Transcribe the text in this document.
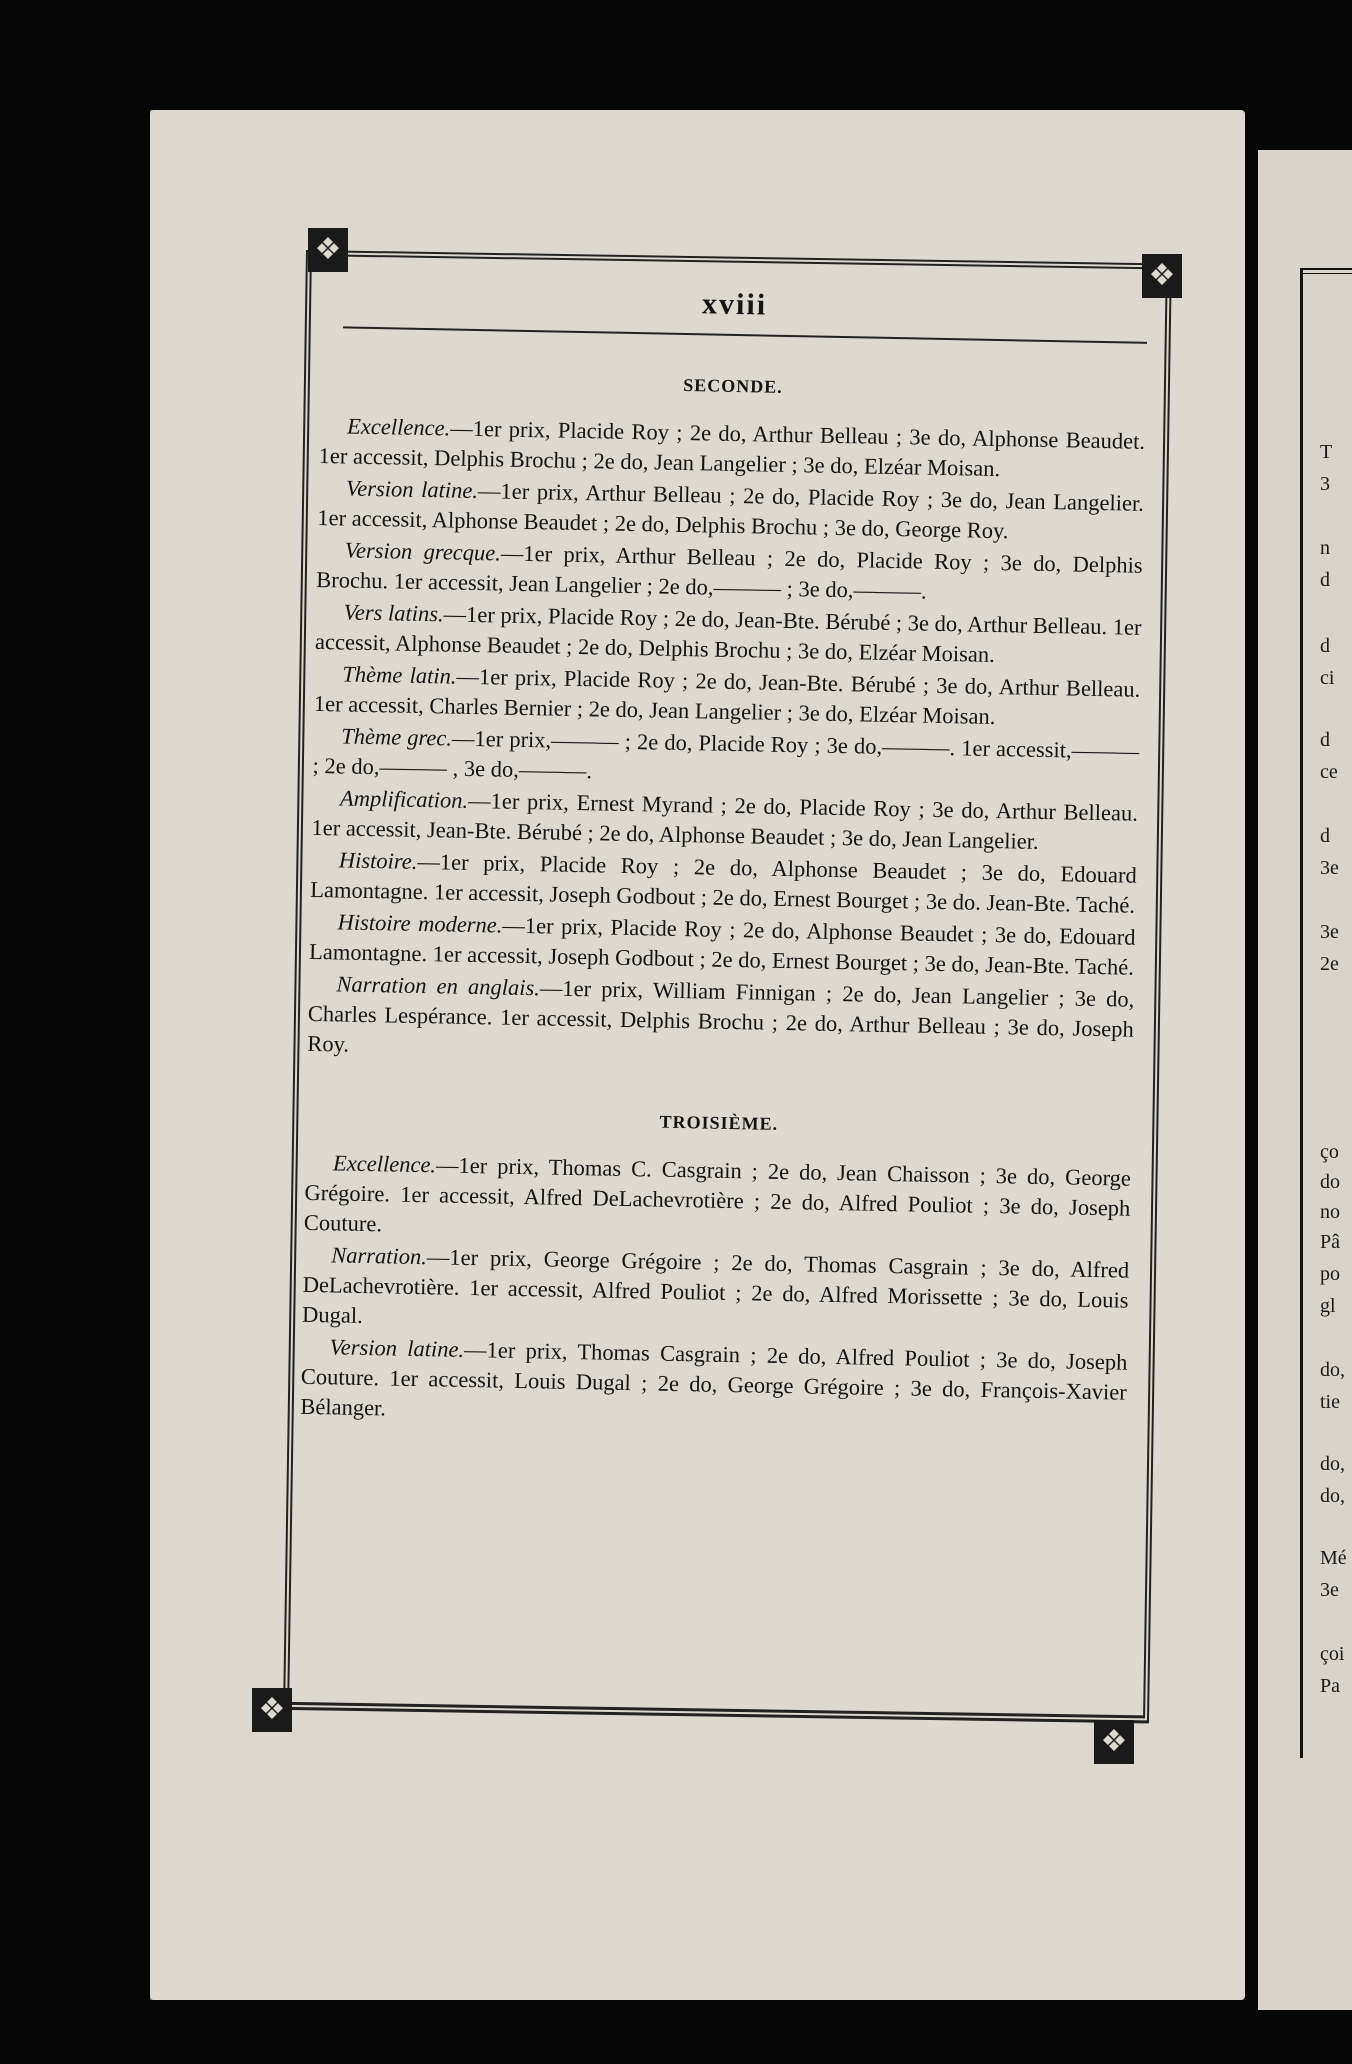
❖
❖
❖
❖
xviii
SECONDE.

Excellence.—1er prix, Placide Roy ; 2e do, Arthur Belleau ; 3e do, Alphonse Beaudet. 1er accessit, Delphis Brochu ; 2e do, Jean Langelier ; 3e do, Elzéar Moisan.

Version latine.—1er prix, Arthur Belleau ; 2e do, Placide Roy ; 3e do, Jean Langelier. 1er accessit, Alphonse Beaudet ; 2e do, Delphis Brochu ; 3e do, George Roy.

Version grecque.—1er prix, Arthur Belleau ; 2e do, Placide Roy ; 3e do, Delphis Brochu. 1er accessit, Jean Langelier ; 2e do,——— ; 3e do,———.

Vers latins.—1er prix, Placide Roy ; 2e do, Jean-Bte. Bérubé ; 3e do, Arthur Belleau. 1er accessit, Alphonse Beaudet ; 2e do, Delphis Brochu ; 3e do, Elzéar Moisan.

Thème latin.—1er prix, Placide Roy ; 2e do, Jean-Bte. Bérubé ; 3e do, Arthur Belleau. 1er accessit, Charles Bernier ; 2e do, Jean Langelier ; 3e do, Elzéar Moisan.

Thème grec.—1er prix,——— ; 2e do, Placide Roy ; 3e do,———. 1er accessit,——— ; 2e do,——— , 3e do,———.

Amplification.—1er prix, Ernest Myrand ; 2e do, Placide Roy ; 3e do, Arthur Belleau. 1er accessit, Jean-Bte. Bérubé ; 2e do, Alphonse Beaudet ; 3e do, Jean Langelier.

Histoire.—1er prix, Placide Roy ; 2e do, Alphonse Beaudet ; 3e do, Edouard Lamontagne. 1er accessit, Joseph Godbout ; 2e do, Ernest Bourget ; 3e do. Jean-Bte. Taché.

Histoire moderne.—1er prix, Placide Roy ; 2e do, Alphonse Beaudet ; 3e do, Edouard Lamontagne. 1er accessit, Joseph Godbout ; 2e do, Ernest Bourget ; 3e do, Jean-Bte. Taché.

Narration en anglais.—1er prix, William Finnigan ; 2e do, Jean Langelier ; 3e do, Charles Lespérance. 1er accessit, Delphis Brochu ; 2e do, Arthur Belleau ; 3e do, Joseph Roy.

TROISIÈME.

Excellence.—1er prix, Thomas C. Casgrain ; 2e do, Jean Chaisson ; 3e do, George Grégoire. 1er accessit, Alfred DeLachevrotière ; 2e do, Alfred Pouliot ; 3e do, Joseph Couture.

Narration.—1er prix, George Grégoire ; 2e do, Thomas Casgrain ; 3e do, Alfred DeLachevrotière. 1er accessit, Alfred Pouliot ; 2e do, Alfred Morissette ; 3e do, Louis Dugal.

Version latine.—1er prix, Thomas Casgrain ; 2e do, Alfred Pouliot ; 3e do, Joseph Couture. 1er accessit, Louis Dugal ; 2e do, George Grégoire ; 3e do, François-Xavier Bélanger.

T
3
n
d
d
ci
d
ce
d
3e
3e
2e
ço
do
no
Pâ
po
gl
do,
tie
do,
do,
Mé
3e
çoi
Pa
